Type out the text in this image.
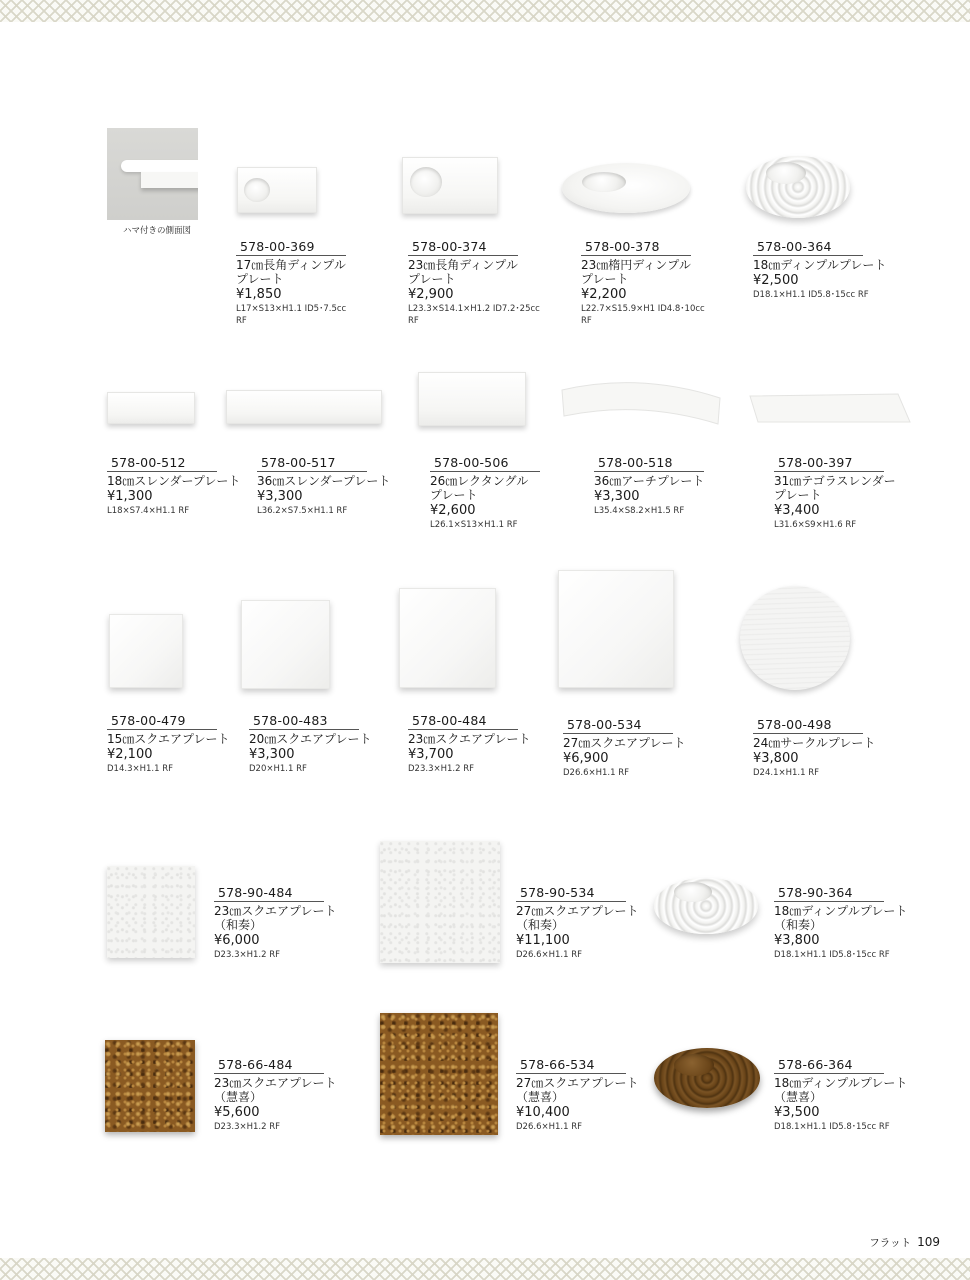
ハマ付きの側面図
578-00-369
17㎝長角ディンプル
プレート
¥1,850
L17×S13×H1.1 ID5･7.5cc
RF
578-00-374
23㎝長角ディンプル
プレート
¥2,900
L23.3×S14.1×H1.2 ID7.2･25cc
RF
578-00-378
23㎝楕円ディンプル
プレート
¥2,200
L22.7×S15.9×H1 ID4.8･10cc
RF
578-00-364
18㎝ディンプルプレート
¥2,500
D18.1×H1.1 ID5.8･15cc RF
578-00-512
18㎝スレンダープレート
¥1,300
L18×S7.4×H1.1 RF
578-00-517
36㎝スレンダープレート
¥3,300
L36.2×S7.5×H1.1 RF
578-00-506
26㎝レクタングル
プレート
¥2,600
L26.1×S13×H1.1 RF
578-00-518
36㎝アーチプレート
¥3,300
L35.4×S8.2×H1.5 RF
578-00-397
31㎝テゴラスレンダー
プレート
¥3,400
L31.6×S9×H1.6 RF
578-00-479
15㎝スクエアプレート
¥2,100
D14.3×H1.1 RF
578-00-483
20㎝スクエアプレート
¥3,300
D20×H1.1 RF
578-00-484
23㎝スクエアプレート
¥3,700
D23.3×H1.2 RF
578-00-534
27㎝スクエアプレート
¥6,900
D26.6×H1.1 RF
578-00-498
24㎝サークルプレート
¥3,800
D24.1×H1.1 RF
578-90-484
23㎝スクエアプレート
（和奏）
¥6,000
D23.3×H1.2 RF
578-90-534
27㎝スクエアプレート
（和奏）
¥11,100
D26.6×H1.1 RF
578-90-364
18㎝ディンプルプレート
（和奏）
¥3,800
D18.1×H1.1 ID5.8･15cc RF
578-66-484
23㎝スクエアプレート
（慧喜）
¥5,600
D23.3×H1.2 RF
578-66-534
27㎝スクエアプレート
（慧喜）
¥10,400
D26.6×H1.1 RF
578-66-364
18㎝ディンプルプレート
（慧喜）
¥3,500
D18.1×H1.1 ID5.8･15cc RF
フラット 109
